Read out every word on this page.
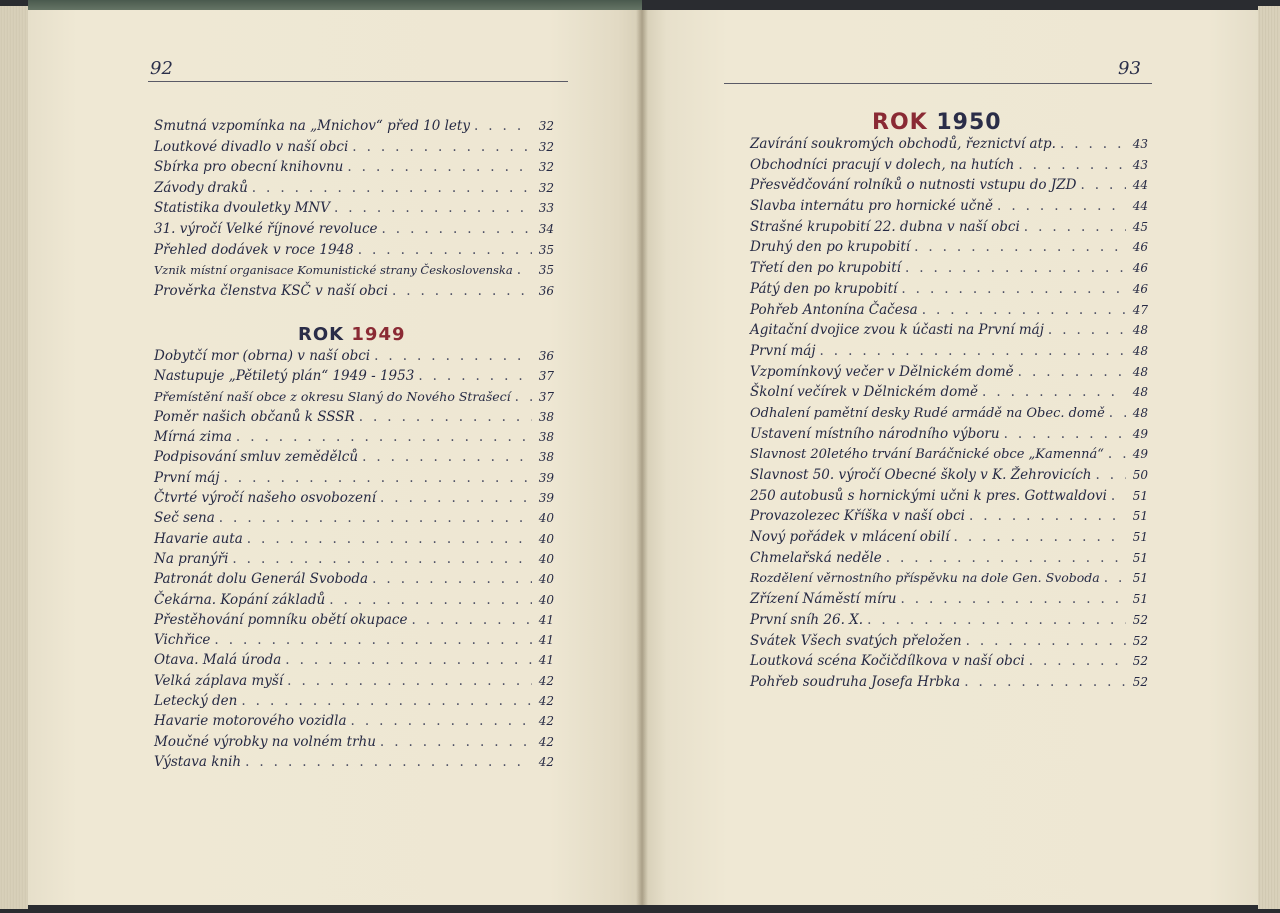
92
Smutná vzpomínka na „Mnichov“ před 10 lety .....	32
Loutkové divadlo v naší obci .....	32
Sbírka pro obecní knihovnu .....	32
Závody draků .....	32
Statistika dvouletky MNV .....	33
31. výročí Velké říjnové revoluce .....	34
Přehled dodávek v roce 1948 .....	35
Vznik místní organisace Komunistické strany Československa .....	35
Prověrka členstva KSČ v naší obci .....	36
ROK 1949
Dobytčí mor (obrna) v naší obci .....	36
Nastupuje „Pětiletý plán“ 1949 - 1953 .....	37
Přemístění naší obce z okresu Slaný do Nového Strašecí .....	37
Poměr našich občanů k SSSR .....	38
Mírná zima .....	38
Podpisování smluv zemědělců .....	38
První máj .....	39
Čtvrté výročí našeho osvobození .....	39
Seč sena .....	40
Havarie auta .....	40
Na pranýři .....	40
Patronát dolu Generál Svoboda .....	40
Čekárna. Kopání základů .....	40
Přestěhování pomníku obětí okupace .....	41
Vichřice .....	41
Otava. Malá úroda .....	41
Velká záplava myší .....	42
Letecký den .....	42
Havarie motorového vozidla .....	42
Moučné výrobky na volném trhu .....	42
Výstava knih .....	42
93
ROK 1950
Zavírání soukromých obchodů, řeznictví atp. .....	43
Obchodníci pracují v dolech, na hutích .....	43
Přesvědčování rolníků o nutnosti vstupu do JZD .....	44
Slavba internátu pro hornické učně .....	44
Strašné krupobití 22. dubna v naší obci .....	45
Druhý den po krupobití .....	46
Třetí den po krupobití .....	46
Pátý den po krupobití .....	46
Pohřeb Antonína Čačesa .....	47
Agitační dvojice zvou k účasti na První máj .....	48
První máj .....	48
Vzpomínkový večer v Dělnickém domě .....	48
Školní večírek v Dělnickém domě .....	48
Odhalení pamětní desky Rudé armádě na Obec. domě .....	48
Ustavení místního národního výboru .....	49
Slavnost 20letého trvání Baráčnické obce „Kamenná“ .....	49
Slavnost 50. výročí Obecné školy v K. Žehrovicích .....	50
250 autobusů s hornickými učni k pres. Gottwaldovi .....	51
Provazolezec Kříška v naší obci .....	51
Nový pořádek v mlácení obilí .....	51
Chmelařská neděle .....	51
Rozdělení věrnostního příspěvku na dole Gen. Svoboda .....	51
Zřízení Náměstí míru .....	51
První sníh 26. X. .....	52
Svátek Všech svatých přeložen .....	52
Loutková scéna Kočičdílkova v naší obci .....	52
Pohřeb soudruha Josefa Hrbka .....	52
